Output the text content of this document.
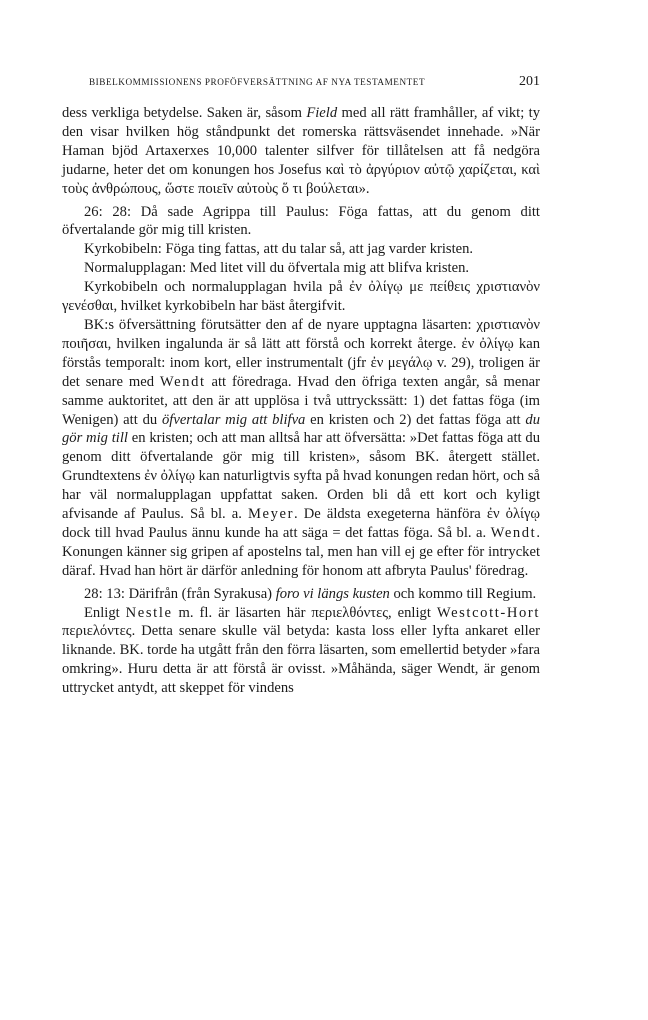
BIBELKOMMISSIONENS PROFÖFVERSÄTTNING AF NYA TESTAMENTET	201

dess verkliga betydelse. Saken är, såsom Field med all rätt framhåller, af vikt; ty den visar hvilken hög ståndpunkt det romerska rättsväsendet innehade. »När Haman bjöd Artaxerxes 10,000 talenter silfver för tillåtelsen att få nedgöra judarne, heter det om konungen hos Josefus καὶ τὸ ἀργύριον αὐτῷ χαρίζεται, καὶ τοὺς ἀνθρώπους, ὥστε ποιεῖν αὐτοὺς ὅ τι βούλεται».

26: 28: Då sade Agrippa till Paulus: Föga fattas, att du genom ditt öfvertalande gör mig till kristen.

Kyrkobibeln: Föga ting fattas, att du talar så, att jag varder kristen.

Normalupplagan: Med litet vill du öfvertala mig att blifva kristen.

Kyrkobibeln och normalupplagan hvila på ἐν ὀλίγῳ με πείθεις χριστιανὸν γενέσθαι, hvilket kyrkobibeln har bäst återgifvit.

BK:s öfversättning förutsätter den af de nyare upptagna läsarten: χριστιανὸν ποιῆσαι, hvilken ingalunda är så lätt att förstå och korrekt återge. ἐν ὀλίγῳ kan förstås temporalt: inom kort, eller instrumentalt (jfr ἐν μεγάλῳ v. 29), troligen är det senare med Wendt att föredraga. Hvad den öfriga texten angår, så menar samme auktoritet, att den är att upplösa i två uttryckssätt: 1) det fattas föga (im Wenigen) att du öfvertalar mig att blifva en kristen och 2) det fattas föga att du gör mig till en kristen; och att man alltså har att öfversätta: »Det fattas föga att du genom ditt öfvertalande gör mig till kristen», såsom BK. återgett stället. Grundtextens ἐν ὀλίγῳ kan naturligtvis syfta på hvad konungen redan hört, och så har väl normalupplagan uppfattat saken. Orden bli då ett kort och kyligt afvisande af Paulus. Så bl. a. Meyer. De äldsta exegeterna hänföra ἐν ὀλίγῳ dock till hvad Paulus ännu kunde ha att säga = det fattas föga. Så bl. a. Wendt. Konungen känner sig gripen af apostelns tal, men han vill ej ge efter för intrycket däraf. Hvad han hört är därför anledning för honom att afbryta Paulus' föredrag.

28: 13: Därifrån (från Syrakusa) foro vi längs kusten och kommo till Regium.

Enligt Nestle m. fl. är läsarten här περιελθόντες, enligt Westcott-Hort περιελόντες. Detta senare skulle väl betyda: kasta loss eller lyfta ankaret eller liknande. BK. torde ha utgått från den förra läsarten, som emellertid betyder »fara omkring». Huru detta är att förstå är ovisst. »Måhända, säger Wendt, är genom uttrycket antydt, att skeppet för vindens
